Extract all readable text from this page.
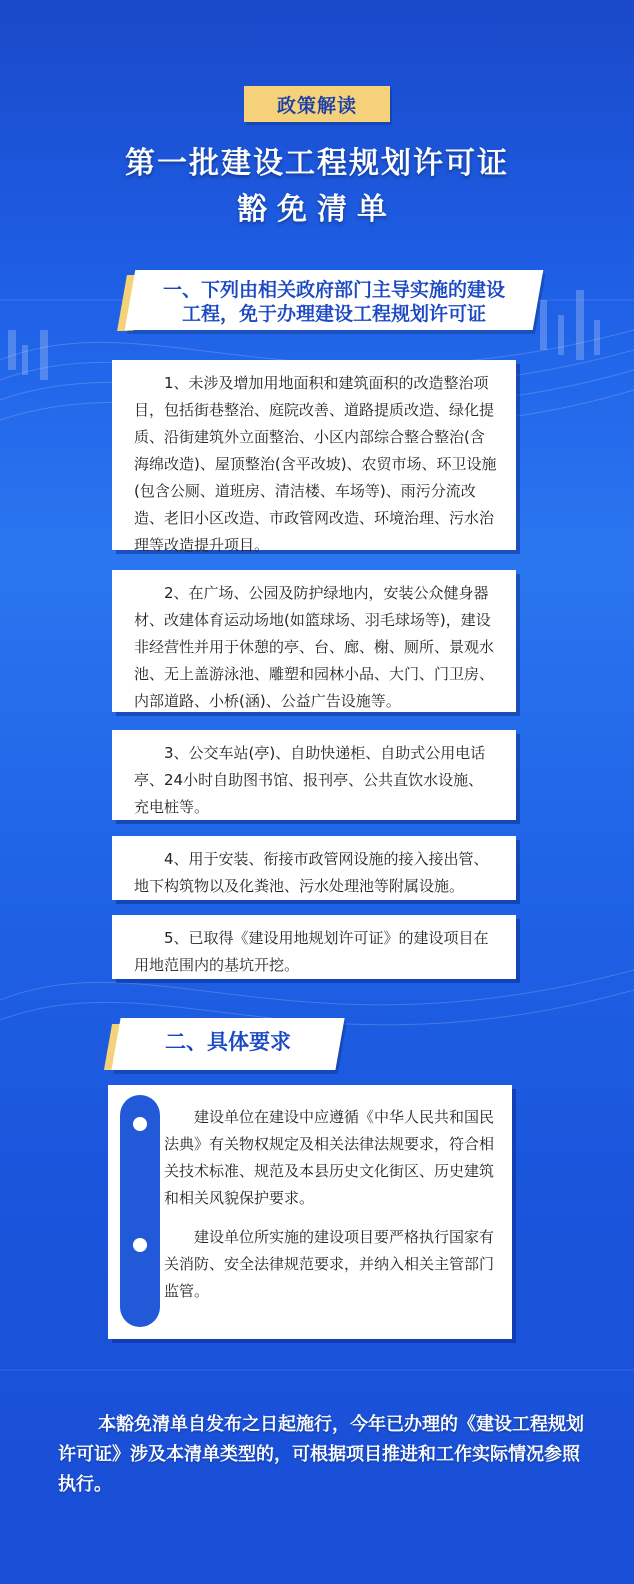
政策解读
第一批建设工程规划许可证
豁免清单
一、下列由相关政府部门主导实施的建设
工程，免于办理建设工程规划许可证
1、未涉及增加用地面积和建筑面积的改造整治项目，包括街巷整治、庭院改善、道路提质改造、绿化提质、沿街建筑外立面整治、小区内部综合整合整治(含海绵改造)、屋顶整治(含平改坡)、农贸市场、环卫设施(包含公厕、道班房、清洁楼、车场等)、雨污分流改造、老旧小区改造、市政管网改造、环境治理、污水治理等改造提升项目。
2、在广场、公园及防护绿地内，安装公众健身器材、改建体育运动场地(如篮球场、羽毛球场等)，建设非经营性并用于休憩的亭、台、廊、榭、厕所、景观水池、无上盖游泳池、雕塑和园林小品、大门、门卫房、内部道路、小桥(涵)、公益广告设施等。
3、公交车站(亭)、自助快递柜、自助式公用电话亭、24小时自助图书馆、报刊亭、公共直饮水设施、充电桩等。
4、用于安装、衔接市政管网设施的接入接出管、地下构筑物以及化粪池、污水处理池等附属设施。
5、已取得《建设用地规划许可证》的建设项目在用地范围内的基坑开挖。
二、具体要求
建设单位在建设中应遵循《中华人民共和国民法典》有关物权规定及相关法律法规要求，符合相关技术标准、规范及本县历史文化街区、历史建筑和相关风貌保护要求。
建设单位所实施的建设项目要严格执行国家有关消防、安全法律规范要求，并纳入相关主管部门监管。
本豁免清单自发布之日起施行，今年已办理的《建设工程规划许可证》涉及本清单类型的，可根据项目推进和工作实际情况参照执行。
